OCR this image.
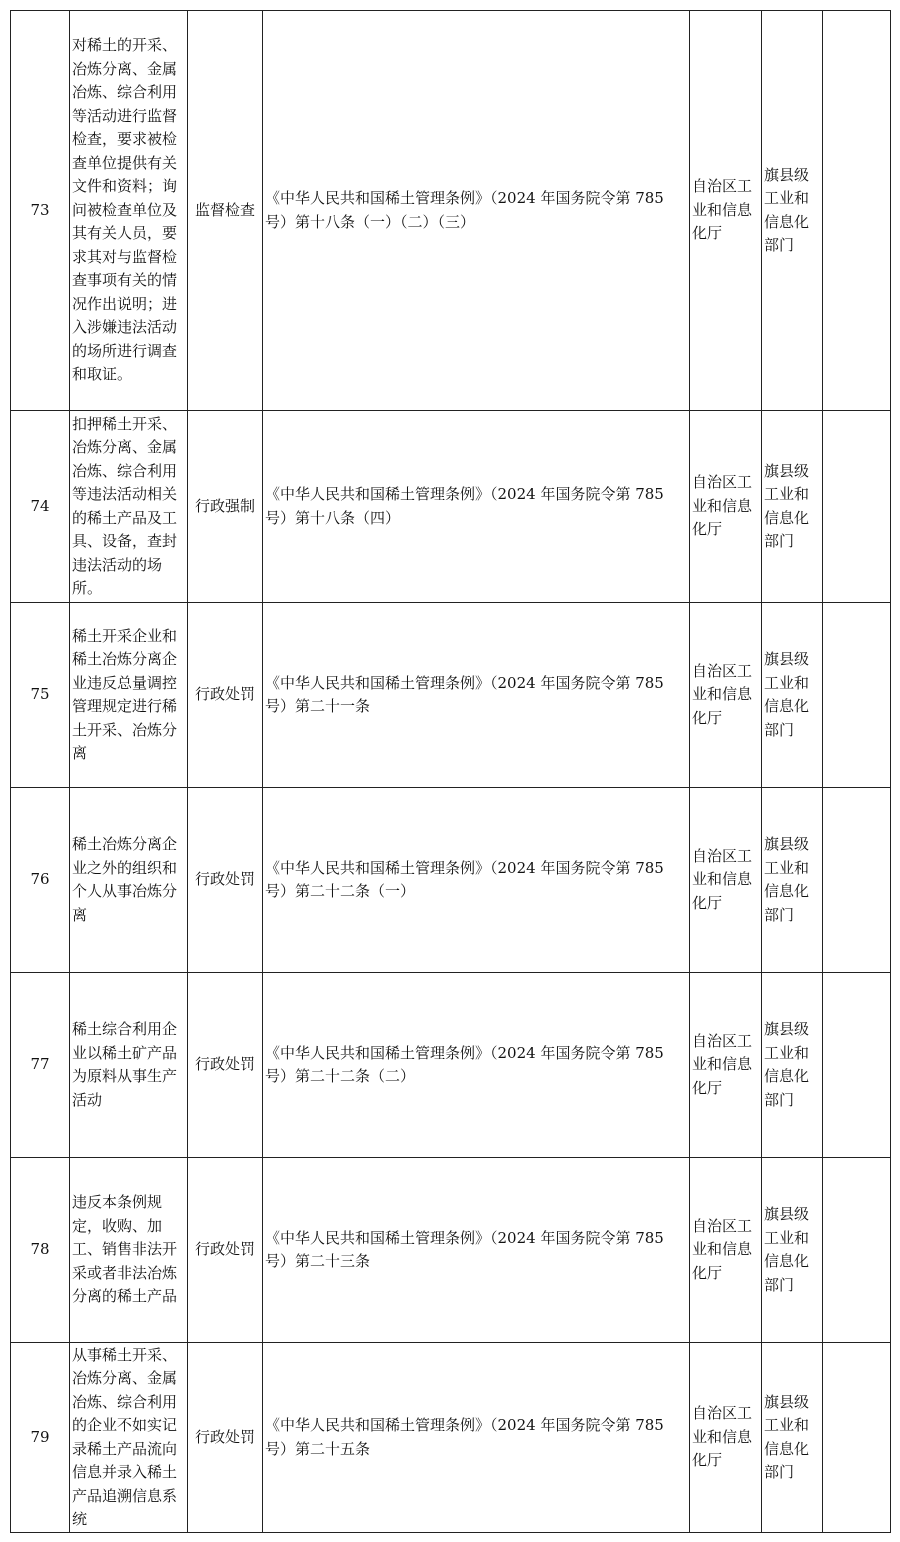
73	对稀土的开采、冶炼分离、金属冶炼、综合利用等活动进行监督检查，要求被检查单位提供有关文件和资料；询问被检查单位及其有关人员，要求其对与监督检查事项有关的情况作出说明；进入涉嫌违法活动的场所进行调查和取证。	监督检查	《中华人民共和国稀土管理条例》（2024 年国务院令第 785 号）第十八条（一）（二）（三）	自治区工业和信息化厅	旗县级工业和信息化部门	
74	扣押稀土开采、冶炼分离、金属冶炼、综合利用等违法活动相关的稀土产品及工具、设备，查封违法活动的场所。	行政强制	《中华人民共和国稀土管理条例》（2024 年国务院令第 785 号）第十八条（四）	自治区工业和信息化厅	旗县级工业和信息化部门	
75	稀土开采企业和稀土冶炼分离企业违反总量调控管理规定进行稀土开采、冶炼分离	行政处罚	《中华人民共和国稀土管理条例》（2024 年国务院令第 785 号）第二十一条	自治区工业和信息化厅	旗县级工业和信息化部门	
76	稀土冶炼分离企业之外的组织和个人从事冶炼分离	行政处罚	《中华人民共和国稀土管理条例》（2024 年国务院令第 785 号）第二十二条（一）	自治区工业和信息化厅	旗县级工业和信息化部门	
77	稀土综合利用企业以稀土矿产品为原料从事生产活动	行政处罚	《中华人民共和国稀土管理条例》（2024 年国务院令第 785 号）第二十二条（二）	自治区工业和信息化厅	旗县级工业和信息化部门	
78	违反本条例规定，收购、加工、销售非法开采或者非法冶炼分离的稀土产品	行政处罚	《中华人民共和国稀土管理条例》（2024 年国务院令第 785 号）第二十三条	自治区工业和信息化厅	旗县级工业和信息化部门	
79	从事稀土开采、冶炼分离、金属冶炼、综合利用的企业不如实记录稀土产品流向信息并录入稀土产品追溯信息系统	行政处罚	《中华人民共和国稀土管理条例》（2024 年国务院令第 785 号）第二十五条	自治区工业和信息化厅	旗县级工业和信息化部门	
